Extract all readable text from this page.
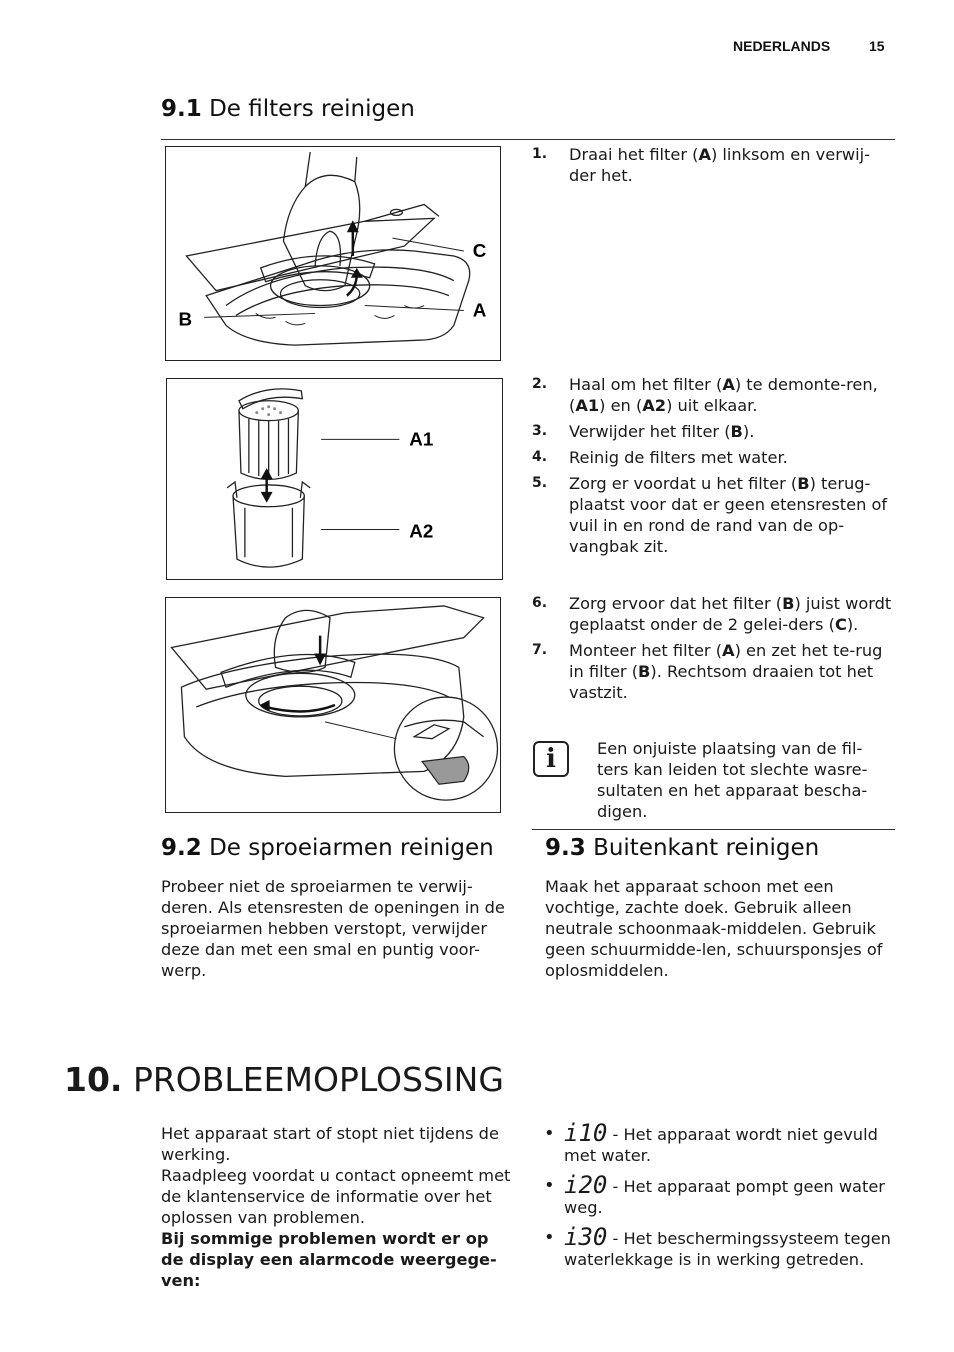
NEDERLANDS	15
9.1 De filters reinigen
C
A
B
1. Draai het filter (A) linksom en verwij-der het.
A1
A2
2. Haal om het filter (A) te demonte-ren, (A1) en (A2) uit elkaar.
3. Verwijder het filter (B).
4. Reinig de filters met water.
5. Zorg er voordat u het filter (B) terug-plaatst voor dat er geen etensresten of vuil in en rond de rand van de op-vangbak zit.
6. Zorg ervoor dat het filter (B) juist wordt geplaatst onder de 2 gelei-ders (C).
7. Monteer het filter (A) en zet het te-rug in filter (B). Rechtsom draaien tot het vastzit.
i	Een onjuiste plaatsing van de fil-ters kan leiden tot slechte wasre-sultaten en het apparaat bescha-digen.
9.2 De sproeiarmen reinigen
Probeer niet de sproeiarmen te verwij-deren. Als etensresten de openingen in de sproeiarmen hebben verstopt, verwijder deze dan met een smal en puntig voor-werp.
9.3 Buitenkant reinigen
Maak het apparaat schoon met een vochtige, zachte doek. Gebruik alleen neutrale schoonmaak-middelen. Gebruik geen schuurmidde-len, schuursponsjes of oplosmiddelen.
10. PROBLEEMOPLOSSING
Het apparaat start of stopt niet tijdens de werking.
Raadpleeg voordat u contact opneemt met de klantenservice de informatie over het oplossen van problemen.
Bij sommige problemen wordt er op de display een alarmcode weergege-ven:
• i10 - Het apparaat wordt niet gevuld met water.
• i20 - Het apparaat pompt geen water weg.
• i30 - Het beschermingssysteem tegen waterlekkage is in werking getreden.
